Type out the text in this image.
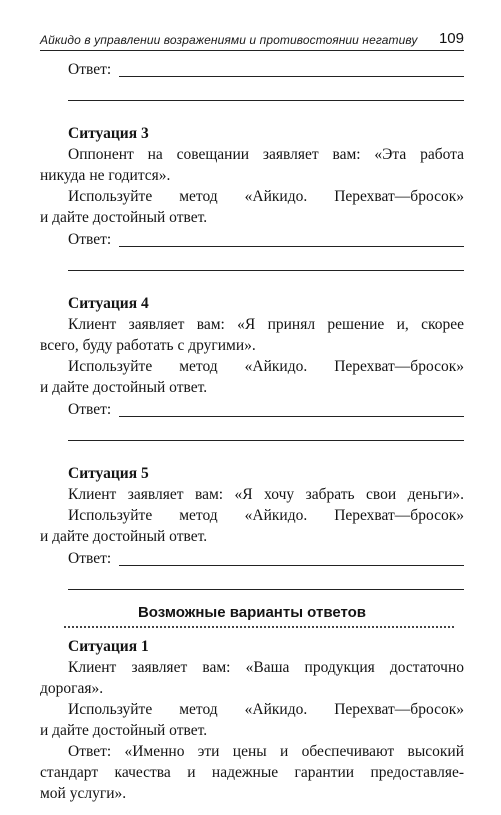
Айкидо в управлении возражениями и противостоянии негативу 109
Ответ:
Ситуация 3
Оппонент на совещании заявляет вам: «Эта работа
никуда не годится».
Используйте метод «Айкидо. Перехват—бросок»
и дайте достойный ответ.
Ответ:
Ситуация 4
Клиент заявляет вам: «Я принял решение и, скорее
всего, буду работать с другими».
Используйте метод «Айкидо. Перехват—бросок»
и дайте достойный ответ.
Ответ:
Ситуация 5
Клиент заявляет вам: «Я хочу забрать свои деньги».
Используйте метод «Айкидо. Перехват—бросок»
и дайте достойный ответ.
Ответ:
Возможные варианты ответов
Ситуация 1
Клиент заявляет вам: «Ваша продукция достаточно
дорогая».
Используйте метод «Айкидо. Перехват—бросок»
и дайте достойный ответ.
Ответ: «Именно эти цены и обеспечивают высокий
стандарт качества и надежные гарантии предоставляе-
мой услуги».
